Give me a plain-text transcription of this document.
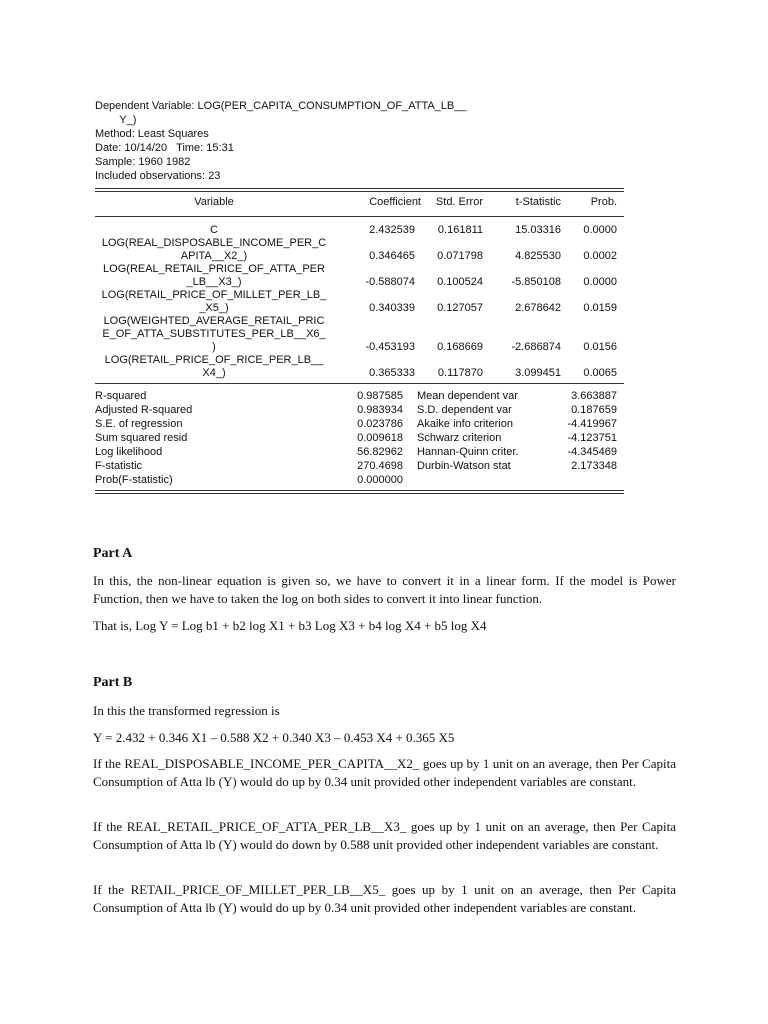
Dependent Variable: LOG(PER_CAPITA_CONSUMPTION_OF_ATTA_LB__
Y_)
Method: Least Squares
Date: 10/14/20   Time: 15:31
Sample: 1960 1982
Included observations: 23
Variable	Coefficient	Std. Error	t-Statistic	Prob.
C	2.432539	0.161811	15.03316	0.0000
LOG(REAL_DISPOSABLE_INCOME_PER_C
APITA__X2_)	0.346465	0.071798	4.825530	0.0002
LOG(REAL_RETAIL_PRICE_OF_ATTA_PER
_LB__X3_)	-0.588074	0.100524	-5.850108	0.0000
LOG(RETAIL_PRICE_OF_MILLET_PER_LB_
_X5_)	0.340339	0.127057	2.678642	0.0159
LOG(WEIGHTED_AVERAGE_RETAIL_PRIC
E_OF_ATTA_SUBSTITUTES_PER_LB__X6_
)	-0.453193	0.168669	-2.686874	0.0156
LOG(RETAIL_PRICE_OF_RICE_PER_LB__
X4_)	0.365333	0.117870	3.099451	0.0065
R-squared	0.987585 Mean dependent var	3.663887
Adjusted R-squared	0.983934 S.D. dependent var	0.187659
S.E. of regression	0.023786 Akaike info criterion	-4.419967
Sum squared resid	0.009618 Schwarz criterion	-4.123751
Log likelihood	56.82962 Hannan-Quinn criter.	-4.345469
F-statistic	270.4698 Durbin-Watson stat	2.173348
Prob(F-statistic)	0.000000
Part A
In this, the non-linear equation is given so, we have to convert it in a linear form. If the model is Power Function, then we have to taken the log on both sides to convert it into linear function.
That is, Log Y = Log b1 + b2 log X1 + b3 Log X3 + b4 log X4 + b5 log X4
Part B
In this the transformed regression is
Y = 2.432 + 0.346 X1 – 0.588 X2 + 0.340 X3 – 0.453 X4 + 0.365 X5
If the REAL_DISPOSABLE_INCOME_PER_CAPITA__X2_ goes up by 1 unit on an average, then Per Capita Consumption of Atta lb (Y) would do up by 0.34 unit provided other independent variables are constant.
If the REAL_RETAIL_PRICE_OF_ATTA_PER_LB__X3_ goes up by 1 unit on an average, then Per Capita Consumption of Atta lb (Y) would do down by 0.588 unit provided other independent variables are constant.
If the RETAIL_PRICE_OF_MILLET_PER_LB__X5_ goes up by 1 unit on an average, then Per Capita Consumption of Atta lb (Y) would do up by 0.34 unit provided other independent variables are constant.
